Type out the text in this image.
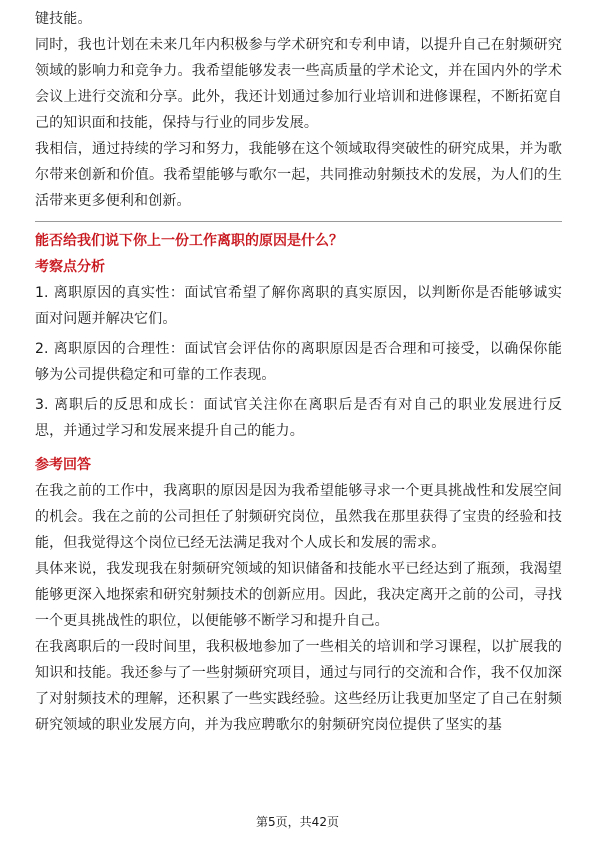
键技能。

同时，我也计划在未来几年内积极参与学术研究和专利申请，以提升自己在射频研究领域的影响力和竞争力。我希望能够发表一些高质量的学术论文，并在国内外的学术会议上进行交流和分享。此外，我还计划通过参加行业培训和进修课程，不断拓宽自己的知识面和技能，保持与行业的同步发展。

我相信，通过持续的学习和努力，我能够在这个领域取得突破性的研究成果，并为歌尔带来创新和价值。我希望能够与歌尔一起，共同推动射频技术的发展，为人们的生活带来更多便利和创新。

能否给我们说下你上一份工作离职的原因是什么？
考察点分析

1. 离职原因的真实性：面试官希望了解你离职的真实原因，以判断你是否能够诚实面对问题并解决它们。

2. 离职原因的合理性：面试官会评估你的离职原因是否合理和可接受，以确保你能够为公司提供稳定和可靠的工作表现。

3. 离职后的反思和成长：面试官关注你在离职后是否有对自己的职业发展进行反思，并通过学习和发展来提升自己的能力。

参考回答

在我之前的工作中，我离职的原因是因为我希望能够寻求一个更具挑战性和发展空间的机会。我在之前的公司担任了射频研究岗位，虽然我在那里获得了宝贵的经验和技能，但我觉得这个岗位已经无法满足我对个人成长和发展的需求。

具体来说，我发现我在射频研究领域的知识储备和技能水平已经达到了瓶颈，我渴望能够更深入地探索和研究射频技术的创新应用。因此，我决定离开之前的公司，寻找一个更具挑战性的职位，以便能够不断学习和提升自己。

在我离职后的一段时间里，我积极地参加了一些相关的培训和学习课程，以扩展我的知识和技能。我还参与了一些射频研究项目，通过与同行的交流和合作，我不仅加深了对射频技术的理解，还积累了一些实践经验。这些经历让我更加坚定了自己在射频研究领域的职业发展方向，并为我应聘歌尔的射频研究岗位提供了坚实的基

第5页，共42页
